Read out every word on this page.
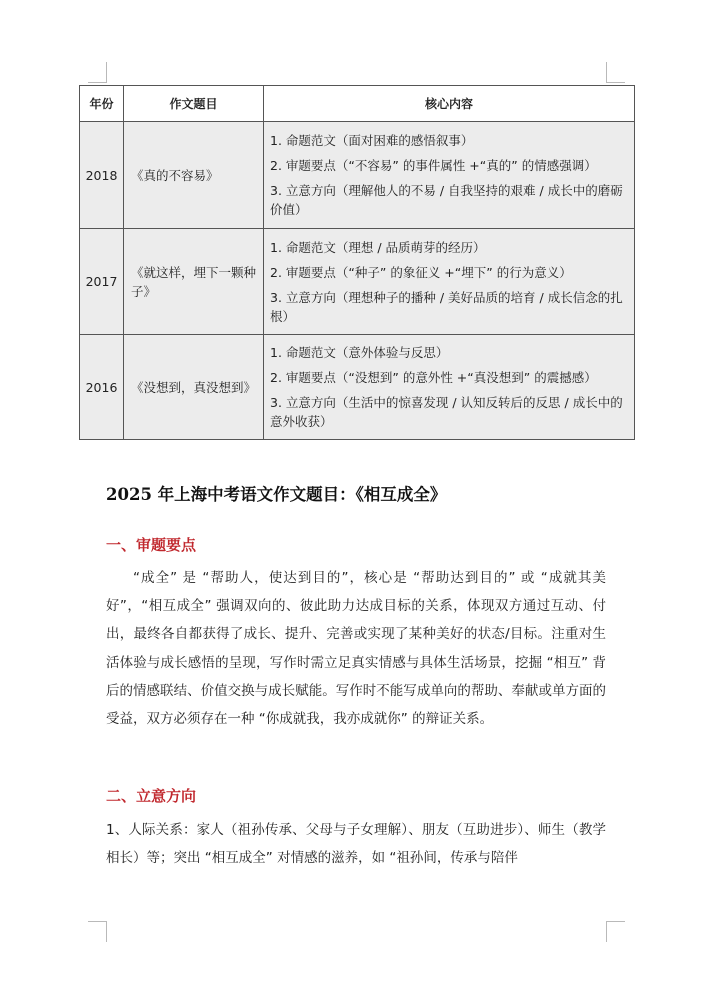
年份	作文题目	核心内容
2018	《真的不容易》	1. 命题范文（面对困难的感悟叙事）

2. 审题要点（“不容易” 的事件属性 +“真的” 的情感强调）

3. 立意方向（理解他人的不易 / 自我坚持的艰难 / 成长中的磨砺价值）

2017	《就这样，埋下一颗种子》	1. 命题范文（理想 / 品质萌芽的经历）

2. 审题要点（“种子” 的象征义 +“埋下” 的行为意义）

3. 立意方向（理想种子的播种 / 美好品质的培育 / 成长信念的扎根）

2016	《没想到，真没想到》	1. 命题范文（意外体验与反思）

2. 审题要点（“没想到” 的意外性 +“真没想到” 的震撼感）

3. 立意方向（生活中的惊喜发现 / 认知反转后的反思 / 成长中的意外收获）

2025 年上海中考语文作文题目：《相互成全》
一、审题要点

“成全” 是 “帮助人，使达到目的”，核心是 “帮助达到目的” 或 “成就其美好”，“相互成全” 强调双向的、彼此助力达成目标的关系，体现双方通过互动、付出，最终各自都获得了成长、提升、完善或实现了某种美好的状态/目标。注重对生活体验与成长感悟的呈现，写作时需立足真实情感与具体生活场景，挖掘 “相互” 背后的情感联结、价值交换与成长赋能。写作时不能写成单向的帮助、奉献或单方面的受益，双方必须存在一种 “你成就我，我亦成就你” 的辩证关系。

二、立意方向

1、人际关系：家人（祖孙传承、父母与子女理解）、朋友（互助进步）、师生（教学相长）等；突出 “相互成全” 对情感的滋养，如 “祖孙间，传承与陪伴
